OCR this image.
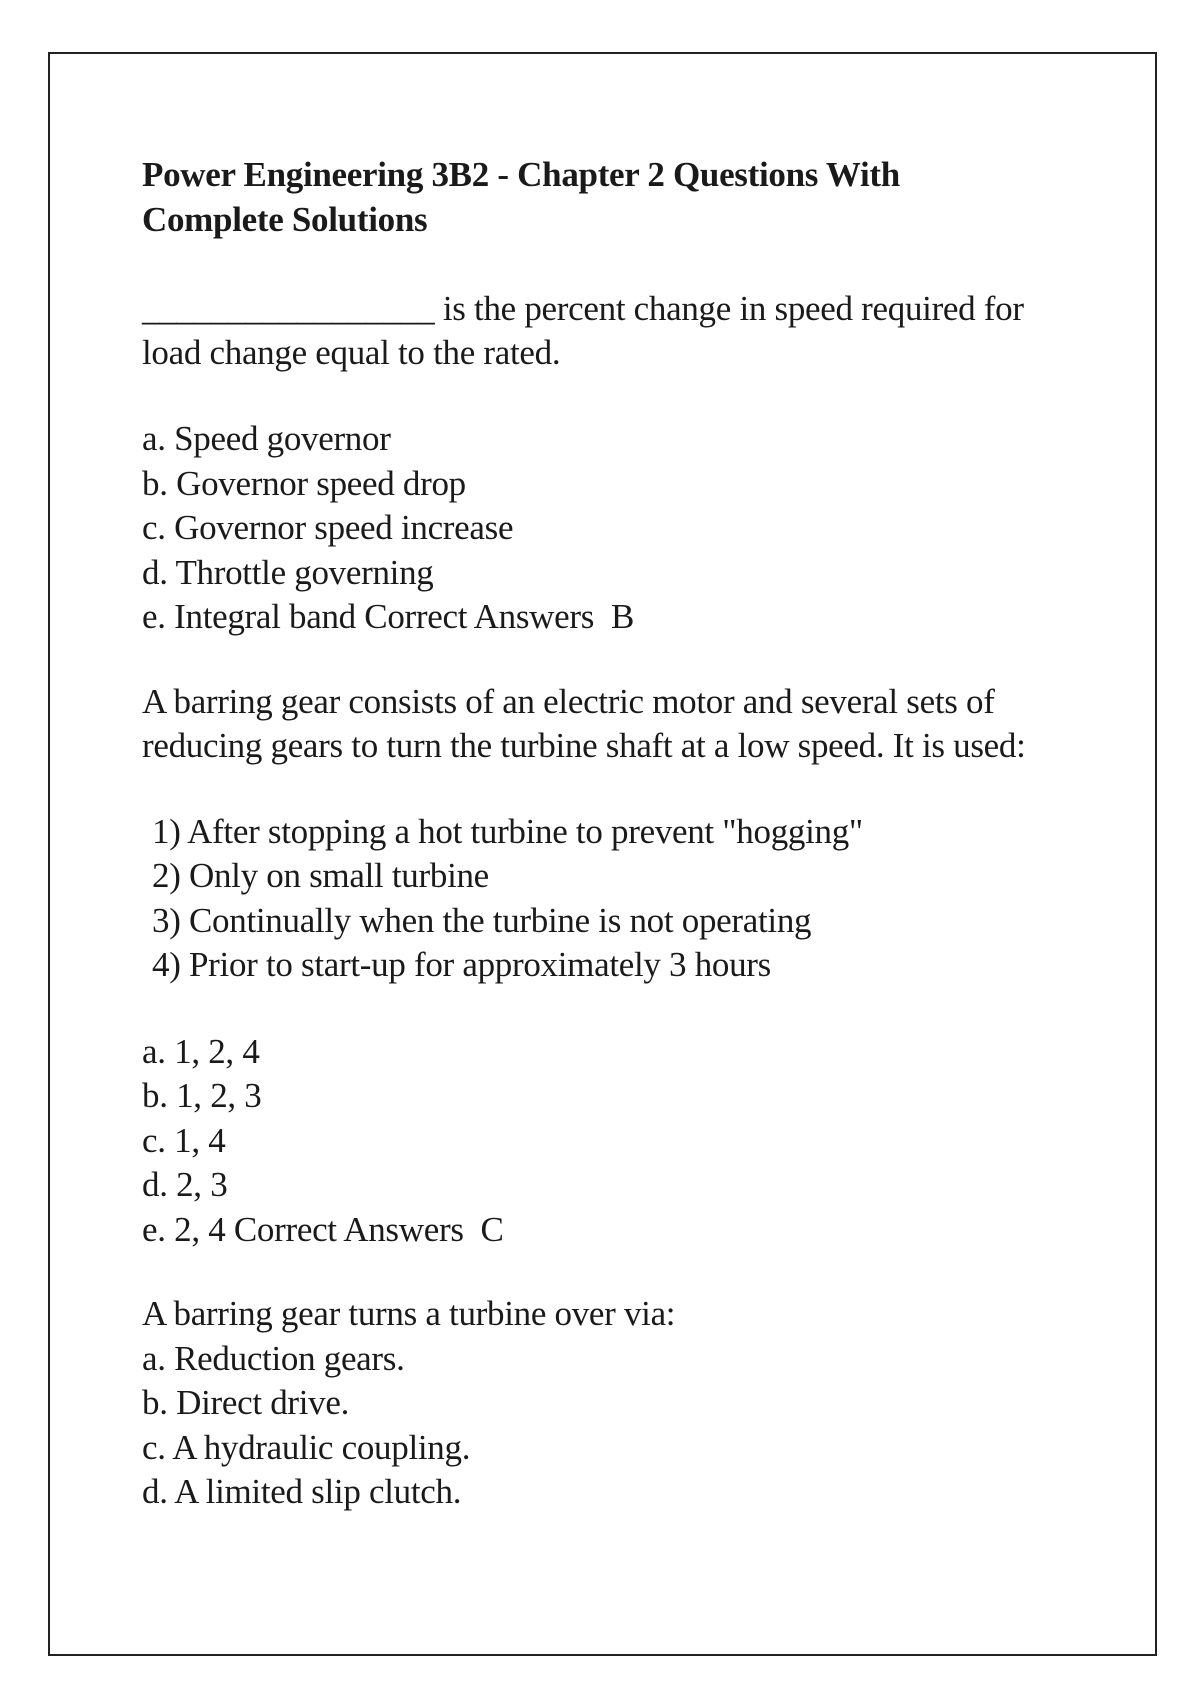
Power Engineering 3B2 - Chapter 2 Questions With

Complete Solutions

_________________ is the percent change in speed required for

load change equal to the rated.

a. Speed governor

b. Governor speed drop

c. Governor speed increase

d. Throttle governing

e. Integral band Correct Answers  B

A barring gear consists of an electric motor and several sets of

reducing gears to turn the turbine shaft at a low speed. It is used:

1) After stopping a hot turbine to prevent "hogging"

2) Only on small turbine

3) Continually when the turbine is not operating

4) Prior to start-up for approximately 3 hours

a. 1, 2, 4

b. 1, 2, 3

c. 1, 4

d. 2, 3

e. 2, 4 Correct Answers  C

A barring gear turns a turbine over via:

a. Reduction gears.

b. Direct drive.

c. A hydraulic coupling.

d. A limited slip clutch.
